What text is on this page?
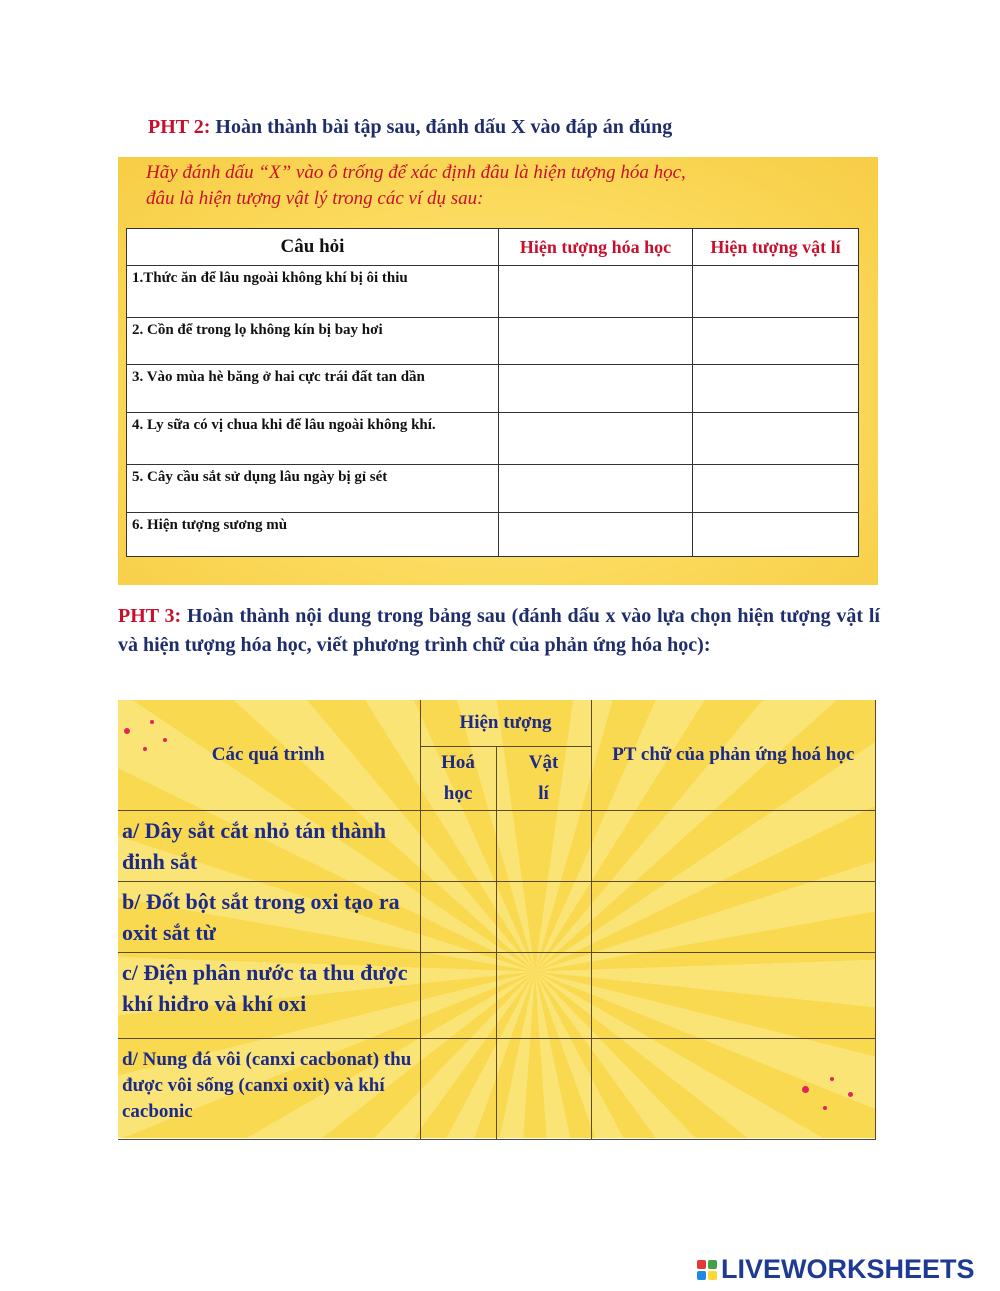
PHT 2: Hoàn thành bài tập sau, đánh dấu X vào đáp án đúng
Hãy đánh dấu “X” vào ô trống để xác định đâu là hiện tượng hóa học,
đâu là hiện tượng vật lý trong các ví dụ sau:
Câu hỏi	Hiện tượng hóa học	Hiện tượng vật lí
1.Thức ăn để lâu ngoài không khí bị ôi thiu		
2. Cồn để trong lọ không kín bị bay hơi		
3. Vào mùa hè băng ở hai cực trái đất tan dần		
4. Ly sữa có vị chua khi để lâu ngoài không khí.		
5. Cây cầu sắt sử dụng lâu ngày bị gỉ sét		
6. Hiện tượng sương mù		
PHT 3: Hoàn thành nội dung trong bảng sau (đánh dấu x vào lựa chọn hiện tượng vật lí và hiện tượng hóa học, viết phương trình chữ của phản ứng hóa học):
Các quá trình	Hiện tượng		PT chữ của phản ứng hoá học
	Hoá học	Vật lí	
a/ Dây sắt cắt nhỏ tán thành đinh sắt			
b/ Đốt bột sắt trong oxi tạo ra oxit sắt từ			
c/ Điện phân nước ta thu được khí hiđro và khí oxi			
d/ Nung đá vôi (canxi cacbonat) thu được vôi sống (canxi oxit) và khí cacbonic			
LIVEWORKSHEETS
